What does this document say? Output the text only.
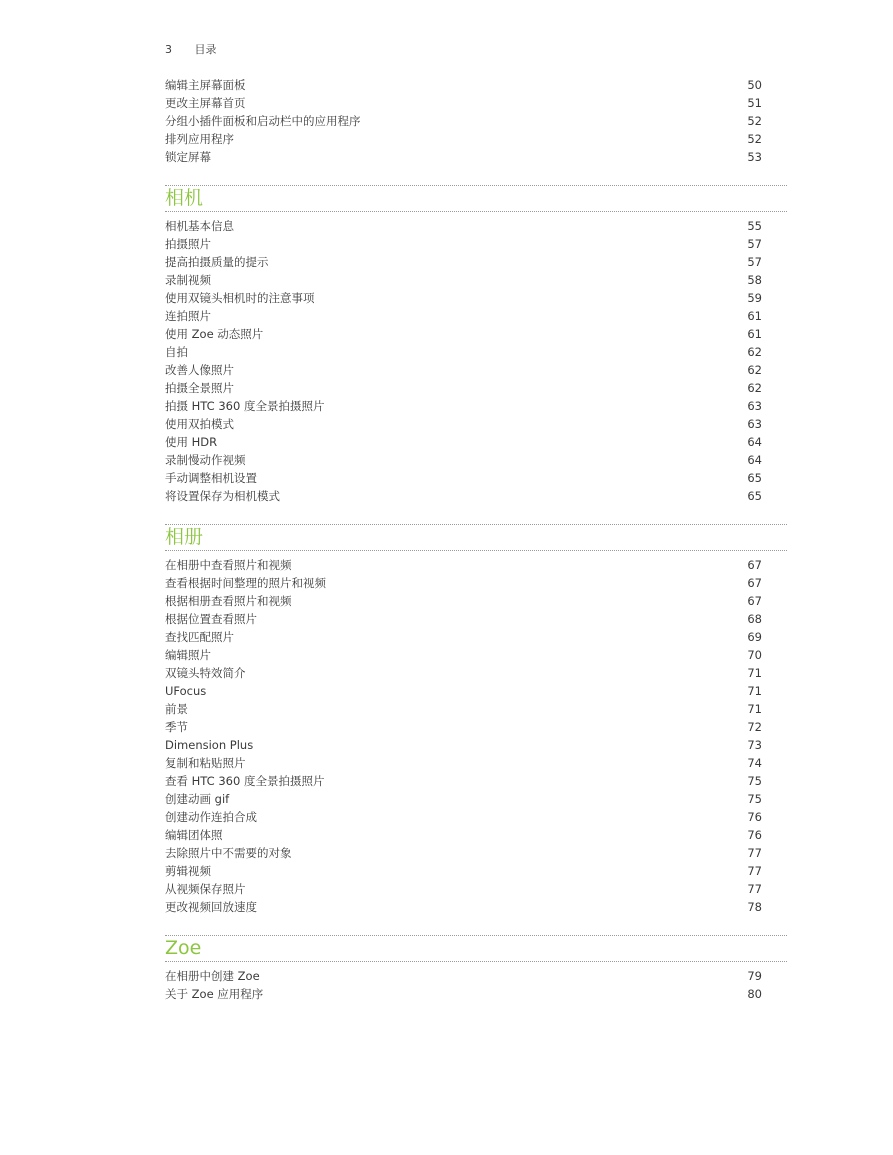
3 目录
编辑主屏幕面板	50
更改主屏幕首页	51
分组小插件面板和启动栏中的应用程序	52
排列应用程序	52
锁定屏幕	53
相机
相机基本信息	55
拍摄照片	57
提高拍摄质量的提示	57
录制视频	58
使用双镜头相机时的注意事项	59
连拍照片	61
使用 Zoe 动态照片	61
自拍	62
改善人像照片	62
拍摄全景照片	62
拍摄 HTC 360 度全景拍摄照片	63
使用双拍模式	63
使用 HDR	64
录制慢动作视频	64
手动调整相机设置	65
将设置保存为相机模式	65
相册
在相册中查看照片和视频	67
查看根据时间整理的照片和视频	67
根据相册查看照片和视频	67
根据位置查看照片	68
查找匹配照片	69
编辑照片	70
双镜头特效简介	71
UFocus	71
前景	71
季节	72
Dimension Plus	73
复制和粘贴照片	74
查看 HTC 360 度全景拍摄照片	75
创建动画 gif	75
创建动作连拍合成	76
编辑团体照	76
去除照片中不需要的对象	77
剪辑视频	77
从视频保存照片	77
更改视频回放速度	78
Zoe
在相册中创建 Zoe	79
关于 Zoe 应用程序	80
